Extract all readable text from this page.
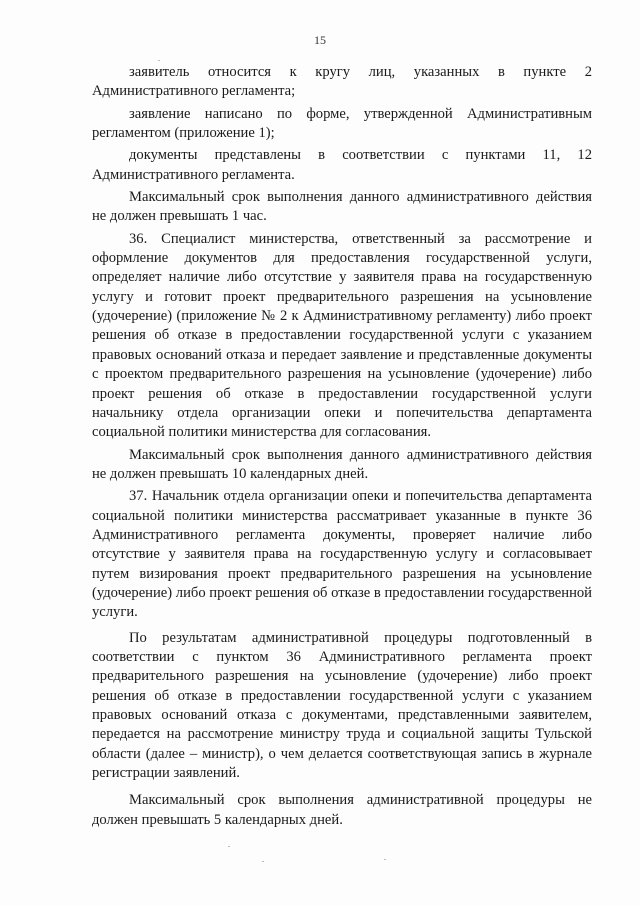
15

заявитель относится к кругу лиц, указанных в пункте 2 Административного регламента;

заявление написано по форме, утвержденной Административным регламентом (приложение 1);

документы представлены в соответствии с пунктами 11, 12 Административного регламента.

Максимальный срок выполнения данного административного действия не должен превышать 1 час.

36. Специалист министерства, ответственный за рассмотрение и оформление документов для предоставления государственной услуги, определяет наличие либо отсутствие у заявителя права на государственную услугу и готовит проект предварительного разрешения на усыновление (удочерение) (приложение № 2 к Административному регламенту) либо проект решения об отказе в предоставлении государственной услуги с указанием правовых оснований отказа и передает заявление и представленные документы с проектом предварительного разрешения на усыновление (удочерение) либо проект решения об отказе в предоставлении государственной услуги начальнику отдела организации опеки и попечительства департамента социальной политики министерства для согласования.

Максимальный срок выполнения данного административного действия не должен превышать 10 календарных дней.

37. Начальник отдела организации опеки и попечительства департамента социальной политики министерства рассматривает указанные в пункте 36 Административного регламента документы, проверяет наличие либо отсутствие у заявителя права на государственную услугу и согласовывает путем визирования проект предварительного разрешения на усыновление (удочерение) либо проект решения об отказе в предоставлении государственной услуги.

По результатам административной процедуры подготовленный в соответствии с пунктом 36 Административного регламента проект предварительного разрешения на усыновление (удочерение) либо проект решения об отказе в предоставлении государственной услуги с указанием правовых оснований отказа с документами, представленными заявителем, передается на рассмотрение министру труда и социальной защиты Тульской области (далее – министр), о чем делается соответствующая запись в журнале регистрации заявлений.

Максимальный срок выполнения административной процедуры не должен превышать 5 календарных дней.
